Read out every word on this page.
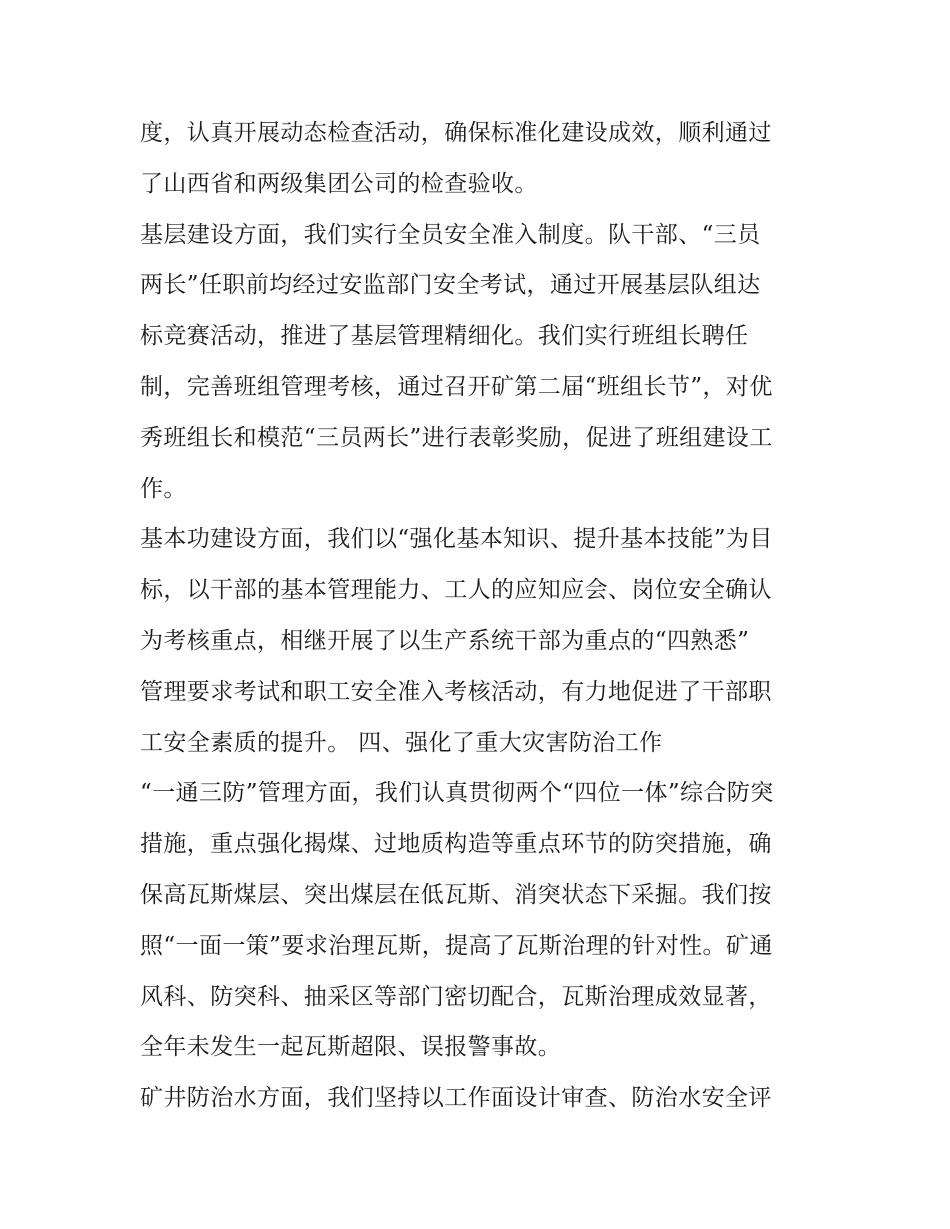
度，认真开展动态检查活动，确保标准化建设成效，顺利通过
了山西省和两级集团公司的检查验收。
基层建设方面，我们实行全员安全准入制度。队干部、“三员
两长”任职前均经过安监部门安全考试，通过开展基层队组达
标竞赛活动，推进了基层管理精细化。我们实行班组长聘任
制，完善班组管理考核，通过召开矿第二届“班组长节”，对优
秀班组长和模范“三员两长”进行表彰奖励，促进了班组建设工
作。
基本功建设方面，我们以“强化基本知识、提升基本技能”为目
标，以干部的基本管理能力、工人的应知应会、岗位安全确认
为考核重点，相继开展了以生产系统干部为重点的“四熟悉”
管理要求考试和职工安全准入考核活动，有力地促进了干部职
工安全素质的提升。 四、强化了重大灾害防治工作
“一通三防”管理方面，我们认真贯彻两个“四位一体”综合防突
措施，重点强化揭煤、过地质构造等重点环节的防突措施，确
保高瓦斯煤层、突出煤层在低瓦斯、消突状态下采掘。我们按
照“一面一策”要求治理瓦斯，提高了瓦斯治理的针对性。矿通
风科、防突科、抽采区等部门密切配合，瓦斯治理成效显著，
全年未发生一起瓦斯超限、误报警事故。
矿井防治水方面，我们坚持以工作面设计审查、防治水安全评
